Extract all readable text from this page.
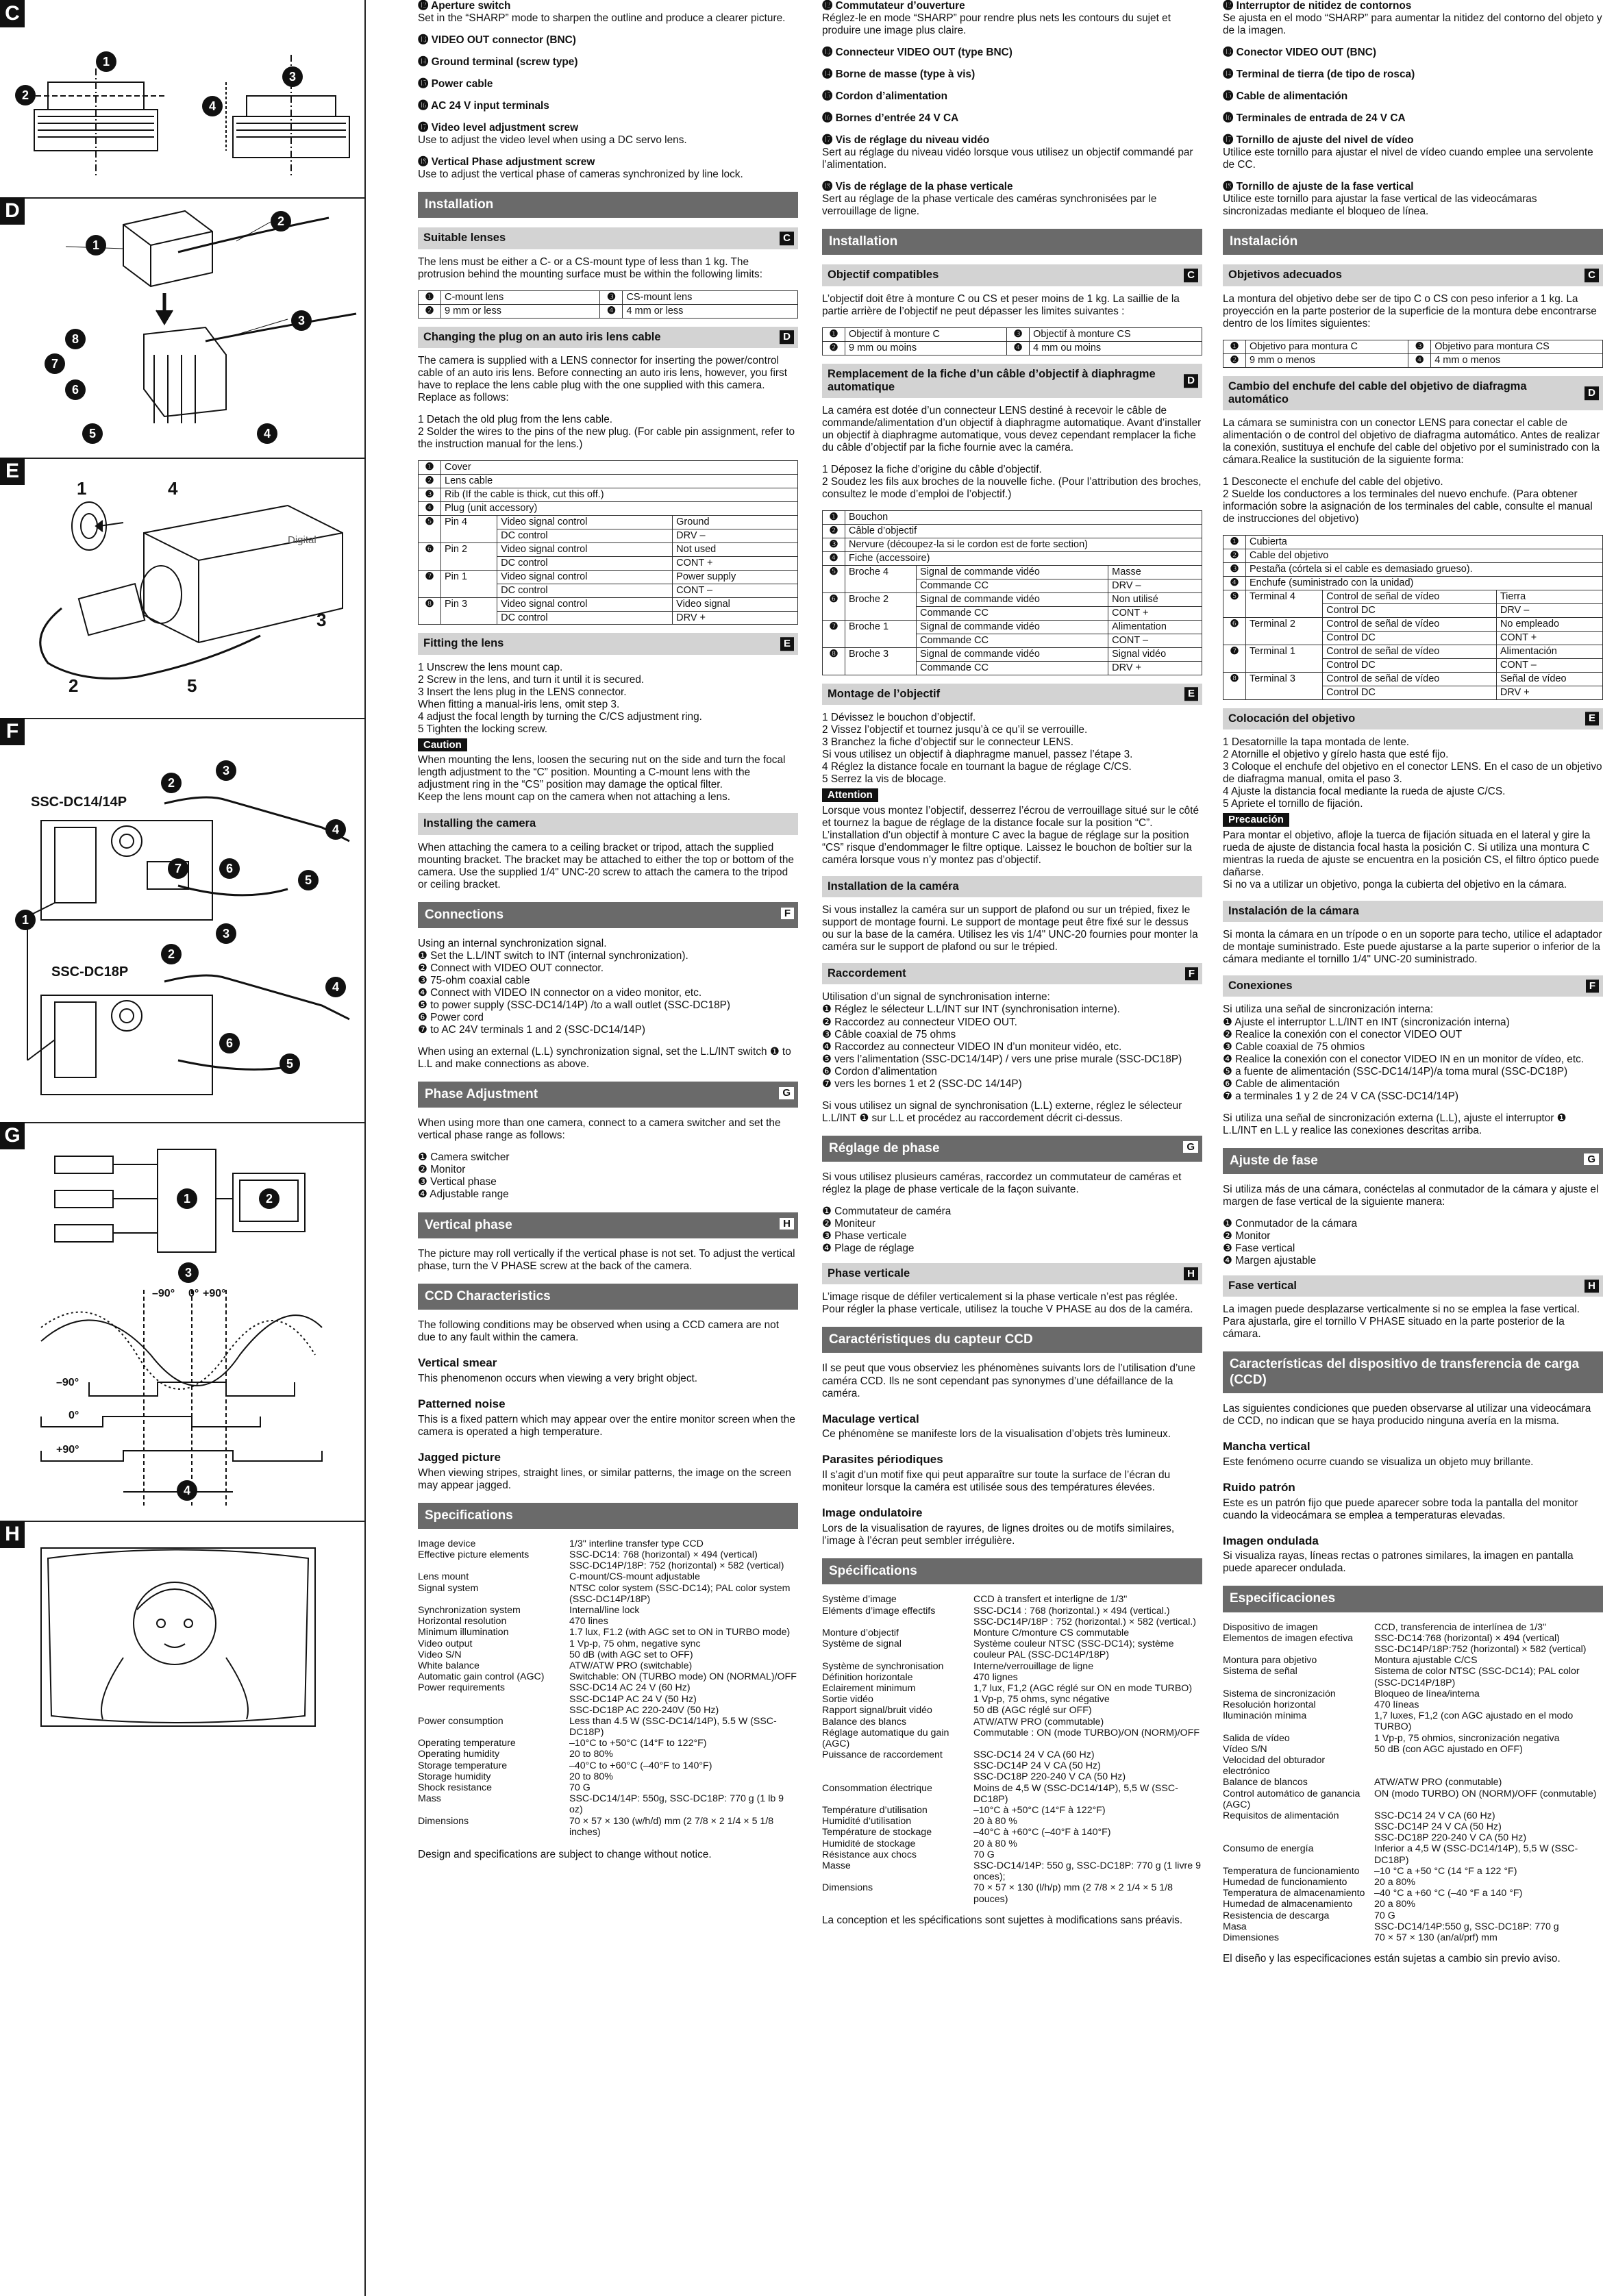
C
1
2
3
4
D
1
2
3
8
7
6
5	4
E
Digital
1	4
3
2	5
F
SSC-DC14/14P
SSC-DC18P
2
3
4
7	6
5
1
2
3
4
6
5
G
1	2
3
4
–90° 0° +90°
–90°
0°
+90°
H
⓬ Aperture switch

Set in the “SHARP” mode to sharpen the outline and produce a clearer picture.

⓭ VIDEO OUT connector (BNC)

⓮ Ground terminal (screw type)

⓯ Power cable

⓰ AC 24 V input terminals

⓱ Video level adjustment screw

Use to adjust the video level when using a DC servo lens.

⓲ Vertical Phase adjustment screw

Use to adjust the vertical phase of cameras synchronized by line lock.

Installation
Suitable lenses	C

The lens must be either a C- or a CS-mount type of less than 1 kg. The protrusion behind the mounting surface must be within the following limits:

❶	C-mount lens	❸	CS-mount lens
❷	9 mm or less	❹	4 mm or less
Changing the plug on an auto iris lens cable	D

The camera is supplied with a LENS connector for inserting the power/control cable of an auto iris lens. Before connecting an auto iris lens, however, you first have to replace the lens cable plug with the one supplied with this camera. Replace as follows:

1 Detach the old plug from the lens cable.

2 Solder the wires to the pins of the new plug. (For cable pin assignment, refer to the instruction manual for the lens.)

❶	Cover		
❷	Lens cable		
❸	Rib (If the cable is thick, cut this off.)		
❹	Plug (unit accessory)		
❺	Pin 4	Video signal control	Ground
		DC control	DRV –
❻	Pin 2	Video signal control	Not used
		DC control	CONT +
❼	Pin 1	Video signal control	Power supply
		DC control	CONT –
❽	Pin 3	Video signal control	Video signal
		DC control	DRV +
Fitting the lens	E
1 Unscrew the lens mount cap.
2 Screw in the lens, and turn it until it is secured.
3 Insert the lens plug in the LENS connector.
When fitting a manual-iris lens, omit step 3.
4 adjust the focal length by turning the C/CS adjustment ring.
5 Tighten the locking screw.
Caution
When mounting the lens, loosen the securing nut on the side and turn the focal length adjustment to the “C” position. Mounting a C-mount lens with the adjustment ring in the “CS” position may damage the optical filter.

Keep the lens mount cap on the camera when not attaching a lens.

Installing the camera

When attaching the camera to a ceiling bracket or tripod, attach the supplied mounting bracket. The bracket may be attached to either the top or bottom of the camera. Use the supplied 1/4" UNC-20 screw to attach the camera to the tripod or ceiling bracket.

Connections	F
Using an internal synchronization signal.
❶ Set the L.L/INT switch to INT (internal synchronization).
❷ Connect with VIDEO OUT connector.
❸ 75-ohm coaxial cable
❹ Connect with VIDEO IN connector on a video monitor, etc.
❺ to power supply (SSC-DC14/14P) /to a wall outlet (SSC-DC18P)
❻ Power cord

❼ to AC 24V terminals 1 and 2 (SSC-DC14/14P)

When using an external (L.L) synchronization signal, set the L.L/INT switch ❶ to L.L and make connections as above.

Phase Adjustment	G

When using more than one camera, connect to a camera switcher and set the vertical phase range as follows:

❶ Camera switcher
❷ Monitor
❸ Vertical phase
❹ Adjustable range
Vertical phase	H

The picture may roll vertically if the vertical phase is not set. To adjust the vertical phase, turn the V PHASE screw at the back of the camera.

CCD Characteristics

The following conditions may be observed when using a CCD camera are not due to any fault within the camera.

Vertical smear
This phenomenon occurs when viewing a very bright object.
Patterned noise
This is a fixed pattern which may appear over the entire monitor screen when the camera is operated a high temperature.
Jagged picture
When viewing stripes, straight lines, or similar patterns, the image on the screen may appear jagged.
Specifications
Image device	1/3" interline transfer type CCD
Effective picture elements	SSC-DC14: 768 (horizontal) × 494 (vertical)
SSC-DC14P/18P: 752 (horizontal) × 582 (vertical)
Lens mount	C-mount/CS-mount adjustable
Signal system	NTSC color system (SSC-DC14); PAL color system (SSC-DC14P/18P)
Synchronization system	Internal/line lock
Horizontal resolution	470 lines
Minimum illumination	1.7 lux, F1.2 (with AGC set to ON in TURBO mode)
Video output	1 Vp-p, 75 ohm, negative sync
Video S/N	50 dB (with AGC set to OFF)
White balance	ATW/ATW PRO (switchable)
Automatic gain control (AGC)	Switchable: ON (TURBO mode) ON (NORMAL)/OFF
Power requirements	SSC-DC14 AC 24 V (60 Hz)
SSC-DC14P AC 24 V (50 Hz)
SSC-DC18P AC 220-240V (50 Hz)
Power consumption	Less than 4.5 W (SSC-DC14/14P), 5.5 W (SSC-DC18P)
Operating temperature	–10°C to +50°C (14°F to 122°F)
Operating humidity	20 to 80%
Storage temperature	–40°C to +60°C (–40°F to 140°F)
Storage humidity	20 to 80%
Shock resistance	70 G
Mass	SSC-DC14/14P: 550g, SSC-DC18P: 770 g (1 lb 9 oz)
Dimensions	70 × 57 × 130 (w/h/d) mm (2 7/8 × 2 1/4 × 5 1/8 inches)

Design and specifications are subject to change without notice.

⓬ Commutateur d’ouverture

Réglez-le en mode “SHARP” pour rendre plus nets les contours du sujet et produire une image plus claire.

⓭ Connecteur VIDEO OUT (type BNC)

⓮ Borne de masse (type à vis)

⓯ Cordon d’alimentation

⓰ Bornes d’entrée 24 V CA

⓱ Vis de réglage du niveau vidéo

Sert au réglage du niveau vidéo lorsque vous utilisez un objectif commandé par l’alimentation.

⓲ Vis de réglage de la phase verticale

Sert au réglage de la phase verticale des caméras synchronisées par le verrouillage de ligne.

Installation
Objectif compatibles	C

L’objectif doit être à monture C ou CS et peser moins de 1 kg. La saillie de la partie arrière de l’objectif ne peut dépasser les limites suivantes :

❶	Objectif à monture C	❸	Objectif à monture CS
❷	9 mm ou moins	❹	4 mm ou moins
Remplacement de la fiche d’un câble d’objectif à diaphragme automatique
D

La caméra est dotée d’un connecteur LENS destiné à recevoir le câble de commande/alimentation d’un objectif à diaphragme automatique. Avant d’installer un objectif à diaphragme automatique, vous devez cependant remplacer la fiche du câble d’objectif par la fiche fournie avec la caméra.

1 Déposez la fiche d’origine du câble d’objectif.

2 Soudez les fils aux broches de la nouvelle fiche. (Pour l’attribution des broches, consultez le mode d’emploi de l’objectif.)

❶	Bouchon		
❷	Câble d’objectif		
❸	Nervure (découpez-la si le cordon est de forte section)		
❹	Fiche (accessoire)		
❺	Broche 4	Signal de commande vidéo	Masse
		Commande CC	DRV –
❻	Broche 2	Signal de commande vidéo	Non utilisé
		Commande CC	CONT +
❼	Broche 1	Signal de commande vidéo	Alimentation
		Commande CC	CONT –
❽	Broche 3	Signal de commande vidéo	Signal vidéo
		Commande CC	DRV +
Montage de l’objectif	E
1 Dévissez le bouchon d’objectif.
2 Vissez l’objectif et tournez jusqu’à ce qu’il se verrouille.
3 Branchez la fiche d’objectif sur le connecteur LENS.
Si vous utilisez un objectif à diaphragme manuel, passez l’étape 3.
4 Réglez la distance focale en tournant la bague de réglage C/CS.
5 Serrez la vis de blocage.
Attention

Lorsque vous montez l’objectif, desserrez l’écrou de verrouillage situé sur le côté et tournez la bague de réglage de la distance focale sur la position “C”. L’installation d’un objectif à monture C avec la bague de réglage sur la position “CS” risque d’endommager le filtre optique. Laissez le bouchon de boîtier sur la caméra lorsque vous n’y montez pas d’objectif.

Installation de la caméra

Si vous installez la caméra sur un support de plafond ou sur un trépied, fixez le support de montage fourni. Le support de montage peut être fixé sur le dessus ou sur la base de la caméra. Utilisez les vis 1/4" UNC-20 fournies pour monter la caméra sur le support de plafond ou sur le trépied.

Raccordement	F
Utilisation d’un signal de synchronisation interne:
❶ Réglez le sélecteur L.L/INT sur INT (synchronisation interne).
❷ Raccordez au connecteur VIDEO OUT.
❸ Câble coaxial de 75 ohms
❹ Raccordez au connecteur VIDEO IN d’un moniteur vidéo, etc.
❺ vers l’alimentation (SSC-DC14/14P) / vers une prise murale (SSC-DC18P)
❻ Cordon d’alimentation

❼ vers les bornes 1 et 2 (SSC-DC 14/14P)

Si vous utilisez un signal de synchronisation (L.L) externe, réglez le sélecteur L.L/INT ❶ sur L.L et procédez au raccordement décrit ci-dessus.

Réglage de phase	G

Si vous utilisez plusieurs caméras, raccordez un commutateur de caméras et réglez la plage de phase verticale de la façon suivante.

❶ Commutateur de caméra
❷ Moniteur
❸ Phase verticale
❹ Plage de réglage
Phase verticale	H

L’image risque de défiler verticalement si la phase verticale n’est pas réglée. Pour régler la phase verticale, utilisez la touche V PHASE au dos de la caméra.

Caractéristiques du capteur CCD

Il se peut que vous observiez les phénomènes suivants lors de l’utilisation d’une caméra CCD. Ils ne sont cependant pas synonymes d’une défaillance de la caméra.

Maculage vertical
Ce phénomène se manifeste lors de la visualisation d’objets très lumineux.
Parasites périodiques
Il s’agit d’un motif fixe qui peut apparaître sur toute la surface de l’écran du moniteur lorsque la caméra est utilisée sous des températures élevées.
Image ondulatoire
Lors de la visualisation de rayures, de lignes droites ou de motifs similaires, l’image à l’écran peut sembler irrégulière.
Spécifications
Système d’image	CCD à transfert et interligne de 1/3"
Eléments d’image effectifs	SSC-DC14 : 768 (horizontal.) × 494 (vertical.)
SSC-DC14P/18P : 752 (horizontal.) × 582 (vertical.)
Monture d’objectif	Monture C/monture CS commutable
Système de signal	Système couleur NTSC (SSC-DC14); système couleur PAL (SSC-DC14P/18P)
Système de synchronisation	Interne/verrouillage de ligne
Définition horizontale	470 lignes
Eclairement minimum	1,7 lux, F1,2 (AGC réglé sur ON en mode TURBO)
Sortie vidéo	1 Vp-p, 75 ohms, sync négative
Rapport signal/bruit vidéo	50 dB (AGC réglé sur OFF)
Balance des blancs	ATW/ATW PRO (commutable)
Réglage automatique du gain (AGC)
Commutable : ON (mode TURBO)/ON (NORM)/OFF
Puissance de raccordement	SSC-DC14 24 V CA (60 Hz)
SSC-DC14P 24 V CA (50 Hz)
SSC-DC18P 220-240 V CA (50 Hz)
Consommation électrique	Moins de 4,5 W (SSC-DC14/14P), 5,5 W (SSC-DC18P)
Température d’utilisation	–10°C à +50°C (14°F à 122°F)
Humidité d’utilisation	20 à 80 %
Température de stockage	–40°C à +60°C (–40°F à 140°F)
Humidité de stockage	20 à 80 %
Résistance aux chocs	70 G
Masse	SSC-DC14/14P: 550 g, SSC-DC18P: 770 g (1 livre 9 onces);
Dimensions	70 × 57 × 130 (l/h/p) mm (2 7/8 × 2 1/4 × 5 1/8 pouces)

La conception et les spécifications sont sujettes à modifications sans préavis.

⓬ Interruptor de nitidez de contornos

Se ajusta en el modo “SHARP” para aumentar la nitidez del contorno del objeto y de la imagen.

⓭ Conector VIDEO OUT (BNC)

⓮ Terminal de tierra (de tipo de rosca)

⓯ Cable de alimentación

⓰ Terminales de entrada de 24 V CA

⓱ Tornillo de ajuste del nivel de vídeo

Utilice este tornillo para ajustar el nivel de vídeo cuando emplee una servolente de CC.

⓲ Tornillo de ajuste de la fase vertical

Utilice este tornillo para ajustar la fase vertical de las videocámaras sincronizadas mediante el bloqueo de línea.

Instalación
Objetivos adecuados	C

La montura del objetivo debe ser de tipo C o CS con peso inferior a 1 kg. La proyección en la parte posterior de la superficie de la montura debe encontrarse dentro de los límites siguientes:

❶	Objetivo para montura C	❸	Objetivo para montura CS
❷	9 mm o menos	❹	4 mm o menos
Cambio del enchufe del cable del objetivo de diafragma automático
D

La cámara se suministra con un conector LENS para conectar el cable de alimentación o de control del objetivo de diafragma automático. Antes de realizar la conexión, sustituya el enchufe del cable del objetivo por el suministrado con la cámara.Realice la sustitución de la siguiente forma:

1 Desconecte el enchufe del cable del objetivo.

2 Suelde los conductores a los terminales del nuevo enchufe. (Para obtener información sobre la asignación de los terminales del cable, consulte el manual de instrucciones del objetivo)

❶	Cubierta		
❷	Cable del objetivo		
❸	Pestaña (córtela si el cable es demasiado grueso).		
❹	Enchufe (suministrado con la unidad)		
❺	Terminal 4	Control de señal de vídeo	Tierra
		Control DC	DRV –
❻	Terminal 2	Control de señal de vídeo	No empleado
		Control DC	CONT +
❼	Terminal 1	Control de señal de vídeo	Alimentación
		Control DC	CONT –
❽	Terminal 3	Control de señal de vídeo	Señal de vídeo
		Control DC	DRV +
Colocación del objetivo	E
1 Desatornille la tapa montada de lente.
2 Atornille el objetivo y gírelo hasta que esté fijo.
3 Coloque el enchufe del objetivo en el conector LENS. En el caso de un objetivo de diafragma manual, omita el paso 3.
4 Ajuste la distancia focal mediante la rueda de ajuste C/CS.
5 Apriete el tornillo de fijación.
Precaución
Para montar el objetivo, afloje la tuerca de fijación situada en el lateral y gire la rueda de ajuste de distancia focal hasta la posición C. Si utiliza una montura C mientras la rueda de ajuste se encuentra en la posición CS, el filtro óptico puede dañarse.

Si no va a utilizar un objetivo, ponga la cubierta del objetivo en la cámara.

Instalación de la cámara

Si monta la cámara en un trípode o en un soporte para techo, utilice el adaptador de montaje suministrado. Este puede ajustarse a la parte superior o inferior de la cámara mediante el tornillo 1/4" UNC-20 suministrado.

Conexiones	F
Si utiliza una señal de sincronización interna:
❶ Ajuste el interruptor L.L/INT en INT (sincronización interna)
❷ Realice la conexión con el conector VIDEO OUT
❸ Cable coaxial de 75 ohmios
❹ Realice la conexión con el conector VIDEO IN en un monitor de vídeo, etc.
❺ a fuente de alimentación (SSC-DC14/14P)/a toma mural (SSC-DC18P)
❻ Cable de alimentación

❼ a terminales 1 y 2 de 24 V CA (SSC-DC14/14P)

Si utiliza una señal de sincronización externa (L.L), ajuste el interruptor ❶ L.L/INT en L.L y realice las conexiones descritas arriba.

Ajuste de fase	G

Si utiliza más de una cámara, conéctelas al conmutador de la cámara y ajuste el margen de fase vertical de la siguiente manera:

❶ Conmutador de la cámara
❷ Monitor
❸ Fase vertical
❹ Margen ajustable
Fase vertical	H

La imagen puede desplazarse verticalmente si no se emplea la fase vertical. Para ajustarla, gire el tornillo V PHASE situado en la parte posterior de la cámara.

Características del dispositivo de transferencia de carga (CCD)

Las siguientes condiciones que pueden observarse al utilizar una videocámara de CCD, no indican que se haya producido ninguna avería en la misma.

Mancha vertical
Este fenómeno ocurre cuando se visualiza un objeto muy brillante.
Ruido patrón
Este es un patrón fijo que puede aparecer sobre toda la pantalla del monitor cuando la videocámara se emplea a temperaturas elevadas.
Imagen ondulada
Si visualiza rayas, líneas rectas o patrones similares, la imagen en pantalla puede aparecer ondulada.
Especificaciones
Dispositivo de imagen	CCD, transferencia de interlínea de 1/3"
Elementos de imagen efectiva	SSC-DC14:768 (horizontal) × 494 (vertical)
SSC-DC14P/18P:752 (horizontal) × 582 (vertical)
Montura para objetivo	Montura ajustable C/CS
Sistema de señal	Sistema de color NTSC (SSC-DC14); PAL color (SSC-DC14P/18P)
Sistema de sincronización	Bloqueo de línea/interna
Resolución horizontal	470 líneas
Iluminación mínima	1,7 luxes, F1,2 (con AGC ajustado en el modo TURBO)
Salida de vídeo	1 Vp-p, 75 ohmios, sincronización negativa
Vídeo S/N	50 dB (con AGC ajustado en OFF)
Velocidad del obturador electrónico
Balance de blancos	ATW/ATW PRO (conmutable)
Control automático de ganancia (AGC)
ON (modo TURBO) ON (NORM)/OFF (conmutable)
Requisitos de alimentación	SSC-DC14 24 V CA (60 Hz)
SSC-DC14P 24 V CA (50 Hz)
SSC-DC18P 220-240 V CA (50 Hz)
Consumo de energía	Inferior a 4,5 W (SSC-DC14/14P), 5,5 W (SSC-DC18P)
Temperatura de funcionamiento	–10 °C a +50 °C (14 °F a 122 °F)
Humedad de funcionamiento	20 a 80%
Temperatura de almacenamiento –40 °C a +60 °C (–40 °F a 140 °F)
Humedad de almacenamiento	20 a 80%
Resistencia de descarga	70 G
Masa	SSC-DC14/14P:550 g, SSC-DC18P: 770 g
Dimensiones	70 × 57 × 130 (an/al/prf) mm

El diseño y las especificaciones están sujetas a cambio sin previo aviso.
